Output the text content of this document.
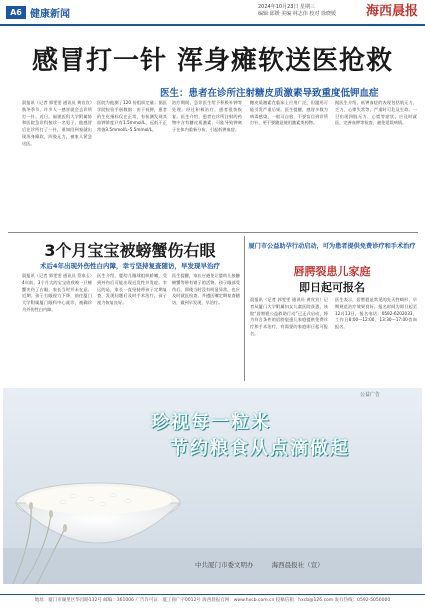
A6 健康新闻
2024年10月23日 星期三
编辑 邱媛 美编 林志伟 校对 徐晓媛 海西晨报
感冒打一针 浑身瘫软送医抢救
医生：患者在诊所注射糖皮质激素导致重度低钾血症
晨报讯（记者 郭雯雯 通讯员 黄宣宣）秋冬季节，许多人一感冒就会去诊所打一针。近日，福建医科大学附属协和医院急诊科接诊一名男子，他感冒后在诊所打了一针，谁知回到家就出现浑身瘫软，四肢无力，被家人紧急送医。
医院为他测了120 份组织定量；据医学院检验手册数据：由于低钾，患者的生化指标仅在正常，有检测发现其血钾浓度只有1.5mmol/L，远低于正常值3.5mmol/L–5.5mmol/L。
治疗期间，急诊医生给予积极补钾等处理。经过积极治疗，患者很快恢复。医生介绍，患者在诊所注射的药物中含有糖皮质激素，可能导致钾离子在体内重新分布，引起低钾血症。
糖皮质激素在临床上应用广泛，但滥用可能引发严重后果。医生提醒，感冒多数为病毒感染，一般可自愈，不要盲目到诊所打针，更不要随意使用激素类药物。
据医生介绍，低钾血症的表现包括肌无力、乏力、心律失常等，严重时可危及生命。一旦出现四肢无力、心慌等症状，应及时就医，完善血钾等检查，避免延误病情。
3个月宝宝被螃蟹伤右眼
术后4年出现外伤性白内障，幸亏坚持复查随访，早发现早治疗
晨报讯（记者 郭雯雯 通讯员 蔡家玉）4年前，3个月大的宝宝欣欣被一只螃蟹夹伤了右眼，家长当时并未在意。近期，孩子右眼视力下降，前往厦门大学附属厦门眼科中心就诊，被确诊为外伤性白内障。
医生介绍，婴幼儿眼球组织娇嫩，受到外伤后可能出现迟发性并发症。幸运的是，家长一直坚持带孩子定期复查，发现问题后及时手术治疗，孩子视力恢复良好。
医生提醒，家长应避免让婴幼儿接触螃蟹等带有钳子的活物。孩子眼部受伤后，即使当时没有明显异常，也应及时就医检查，并遵医嘱定期复查随访，做到早发现、早治疗。
厦门市公益助孕行动启动，可为患者提供免费诊疗和手术治疗
唇腭裂患儿家庭
即日起可报名
晨报讯（记者 郭雯雯 通讯员 黄宣宣）记者从厦门大学附属妇女儿童医院获悉，该院“唇腭裂公益救助行动”已正式启动，将为符合条件的唇腭裂患儿家庭提供免费诊疗和手术治疗，有需要的家庭即日起可报名。
医生表示，唇腭裂是常见的先天性畸形，早期规范治疗效果良好。报名时间为即日起至12月13日，报名电话：0592-6202033，工作日8:00—12:00、13:30—17:00咨询报名。
公益广告
珍视每一粒米
节约粮食从点滴做起
中共厦门市委文明办	海西晨报社（宣）
地址：厦门市湖里区华昌路132号 邮编：361006 广告许可证：厦工商广字0012号 海西晨报官网：www.hxcb.com.cn 投稿信箱：hxcb@126.com 发行热线：0592-5050000
